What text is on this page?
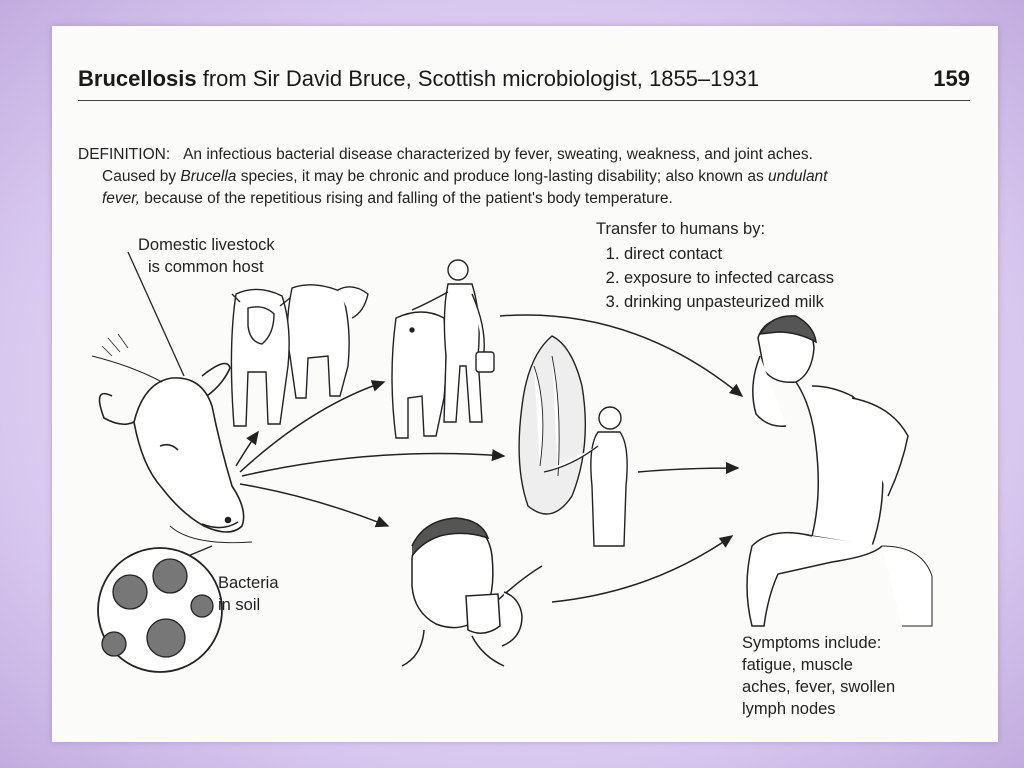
Brucellosis from Sir David Bruce, Scottish microbiologist, 1855–1931	159
DEFINITION: An infectious bacterial disease characterized by fever, sweating, weakness, and joint aches.
Caused by Brucella species, it may be chronic and produce long-lasting disability; also known as undulant
fever, because of the repetitious rising and falling of the patient's body temperature.
Domestic livestock
is common host
Bacteria
in soil
Transfer to humans by:
1. direct contact
2. exposure to infected carcass
3. drinking unpasteurized milk
Symptoms include:
fatigue, muscle
aches, fever, swollen
lymph nodes
